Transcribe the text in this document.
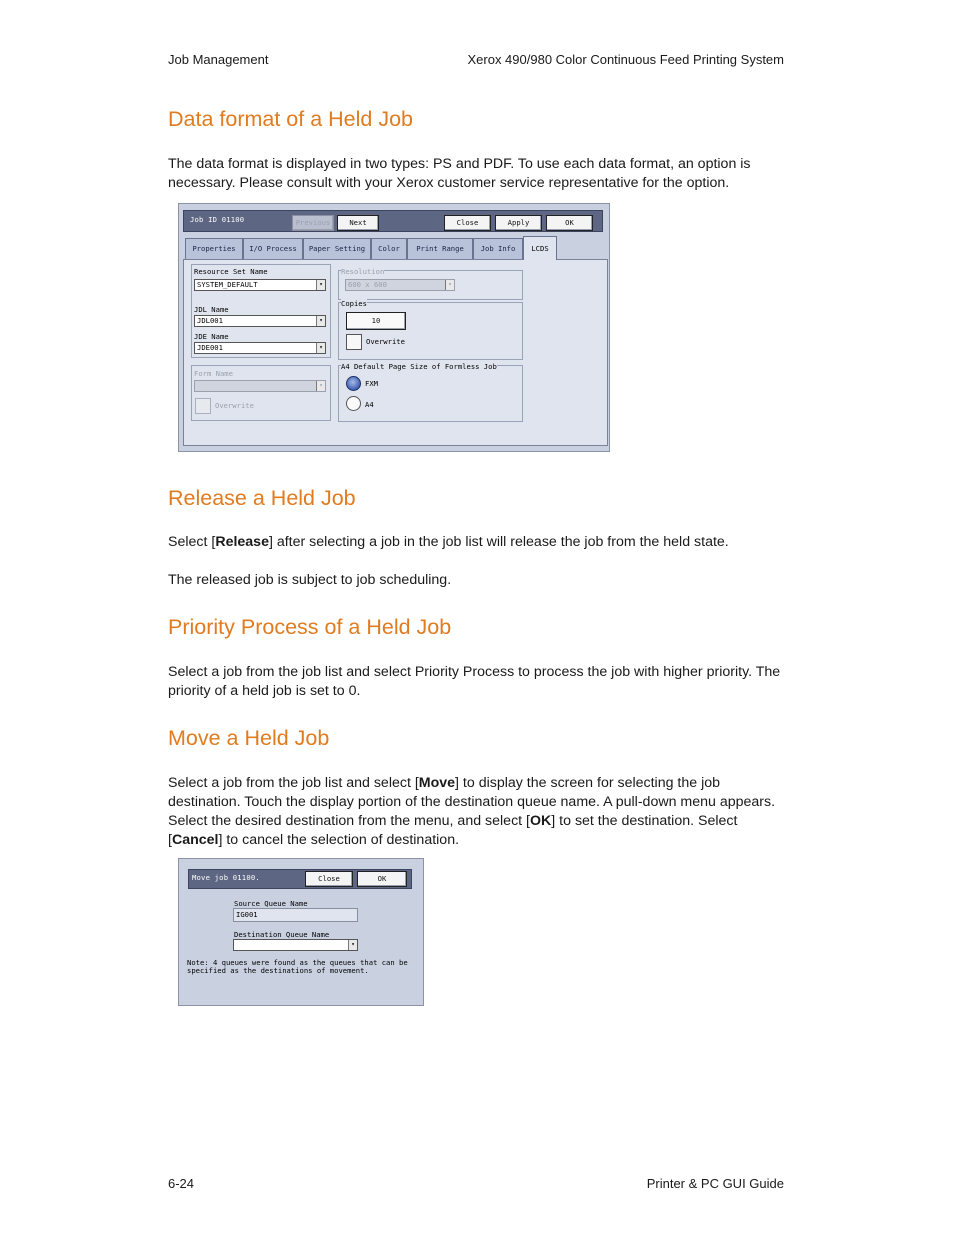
Job Management	Xerox 490/980 Color Continuous Feed Printing System
Data format of a Held Job

The data format is displayed in two types: PS and PDF. To use each data format, an option is necessary. Please consult with your Xerox customer service representative for the option.

Job ID 01100	Previous	Next	Close	Apply	OK
Properties	I/O Process	Paper Setting	Color	Print Range	Job Info	LCDS
Resource Set Name
SYSTEM_DEFAULT	▾
JDL Name
JDL001	▾
JDE Name
JDE001	▾
Form Name
▾
Overwrite
Resolution
600 x 600	▾
Copies
10
Overwrite
A4 Default Page Size of Formless Job
FXM
A4
Release a Held Job

Select [Release] after selecting a job in the job list will release the job from the held state.

The released job is subject to job scheduling.

Priority Process of a Held Job

Select a job from the job list and select Priority Process to process the job with higher priority. The priority of a held job is set to 0.

Move a Held Job

Select a job from the job list and select [Move] to display the screen for selecting the job destination. Touch the display portion of the destination queue name. A pull-down menu appears. Select the desired destination from the menu, and select [OK] to set the destination. Select [Cancel] to cancel the selection of destination.

Move job 01100.	Close	OK
Source Queue Name
IG001
Destination Queue Name
▾
Note: 4 queues were found as the queues that can be
specified as the destinations of movement.
6-24	Printer & PC GUI Guide
